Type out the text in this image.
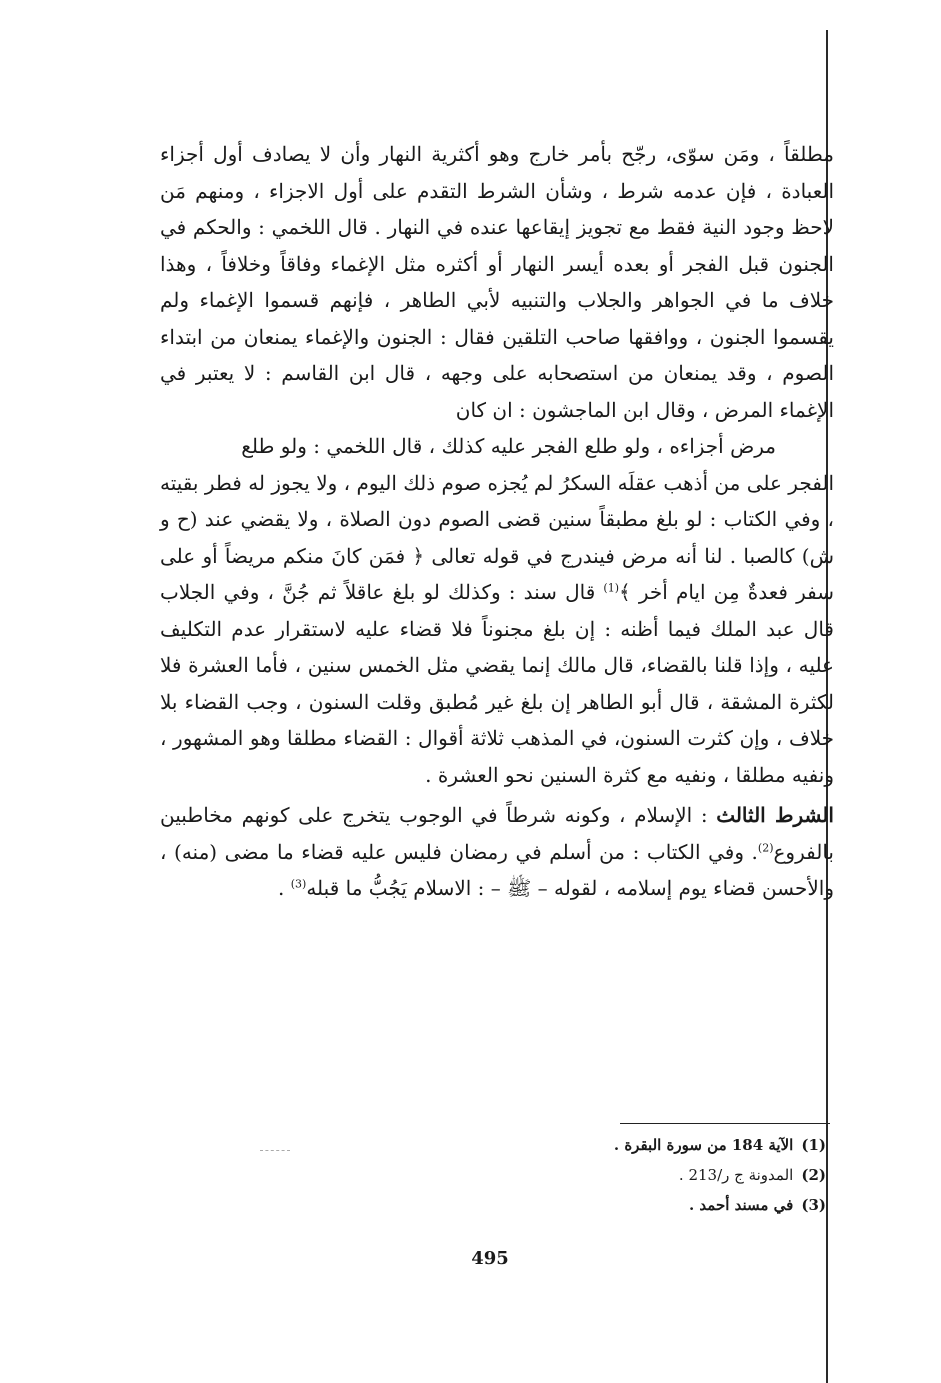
مطلقاً ، ومَن سوّى، رجّح بأمر خارج وهو أكثرية النهار وأن لا يصادف أول أجزاء العبادة ، فإن عدمه شرط ، وشأن الشرط التقدم على أول الاجزاء ، ومنهم مَن لاحظ وجود النية فقط مع تجويز إيقاعها عنده في النهار . قال اللخمي : والحكم في الجنون قبل الفجر أو بعده أيسر النهار أو أكثره مثل الإغماء وفاقاً وخلافاً ، وهذا خلاف ما في الجواهر والجلاب والتنبيه لأبي الطاهر ، فإنهم قسموا الإغماء ولم يقسموا الجنون ، ووافقها صاحب التلقين فقال : الجنون والإغماء يمنعان من ابتداء الصوم ، وقد يمنعان من استصحابه على وجهه ، قال ابن القاسم : لا يعتبر في الإغماء المرض ، وقال ابن الماجشون : ان كان

مرض أجزاءه ، ولو طلع الفجر عليه كذلك ، قال اللخمي : ولو طلع

الفجر على من أذهب عقلَه السكرُ لم يُجزه صوم ذلك اليوم ، ولا يجوز له فطر بقيته ، وفي الكتاب : لو بلغ مطبقاً سنين قضى الصوم دون الصلاة ، ولا يقضي عند (ح و ش) كالصبا . لنا أنه مرض فيندرج في قوله تعالى ﴿ فمَن كانَ منكم مريضاً أو على سفر فعدةٌ مِن ايام أخر ﴾$^{(1)}$ قال سند : وكذلك لو بلغ عاقلاً ثم جُنَّ ، وفي الجلاب قال عبد الملك فيما أظنه : إن بلغ مجنوناً فلا قضاء عليه لاستقرار عدم التكليف عليه ، وإذا قلنا بالقضاء، قال مالك إنما يقضي مثل الخمس سنين ، فأما العشرة فلا لكثرة المشقة ، قال أبو الطاهر إن بلغ غير مُطبق وقلت السنون ، وجب القضاء بلا خلاف ، وإن كثرت السنون، في المذهب ثلاثة أقوال : القضاء مطلقا وهو المشهور ، ونفيه مطلقا ، ونفيه مع كثرة السنين نحو العشرة .

الشرط الثالث : الإسلام ، وكونه شرطاً في الوجوب يتخرج على كونهم مخاطبين بالفروع$^{(2)}$. وفي الكتاب : من أسلم في رمضان فليس عليه قضاء ما مضى (منه) ، والأحسن قضاء يوم إسلامه ، لقوله – ﷺ – : الاسلام يَجُبُّ ما قبله$^{(3)}$ .

(1)الآية 184 من سورة البقرة .

(2)المدونة ج ر/213 .

(3)في مسند أحمد .

495
